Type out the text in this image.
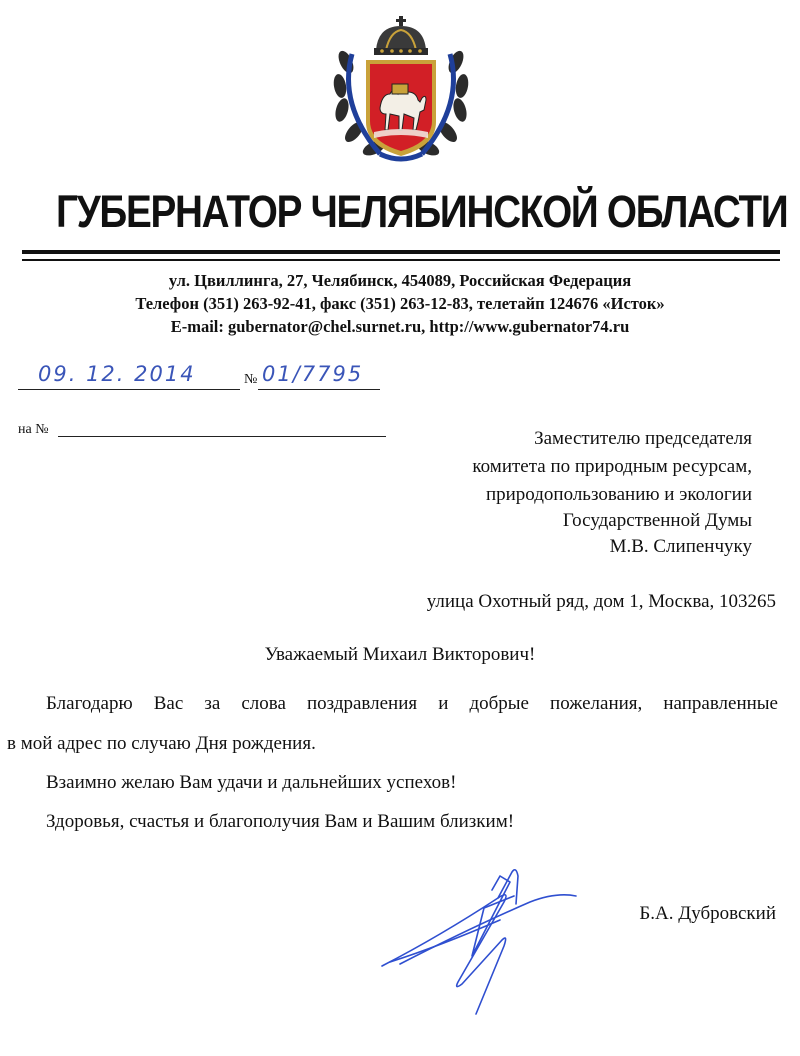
ГУБЕРНАТОР ЧЕЛЯБИНСКОЙ ОБЛАСТИ
ул. Цвиллинга, 27, Челябинск, 454089, Российская Федерация
Телефон (351) 263-92-41, факс (351) 263-12-83, телетайп 124676 «Исток»
E-mail: gubernator@chel.surnet.ru, http://www.gubernator74.ru
09. 12. 2014	№ 01/7795
на №	Заместителю председателя
комитета по природным ресурсам,
природопользованию и экологии
Государственной Думы
М.В. Слипенчуку
улица Охотный ряд, дом 1, Москва, 103265
Уважаемый Михаил Викторович!
Благодарю Вас за слова поздравления и добрые пожелания, направленные
в мой адрес по случаю Дня рождения.
Взаимно желаю Вам удачи и дальнейших успехов!
Здоровья, счастья и благополучия Вам и Вашим близким!
Б.А. Дубровский
